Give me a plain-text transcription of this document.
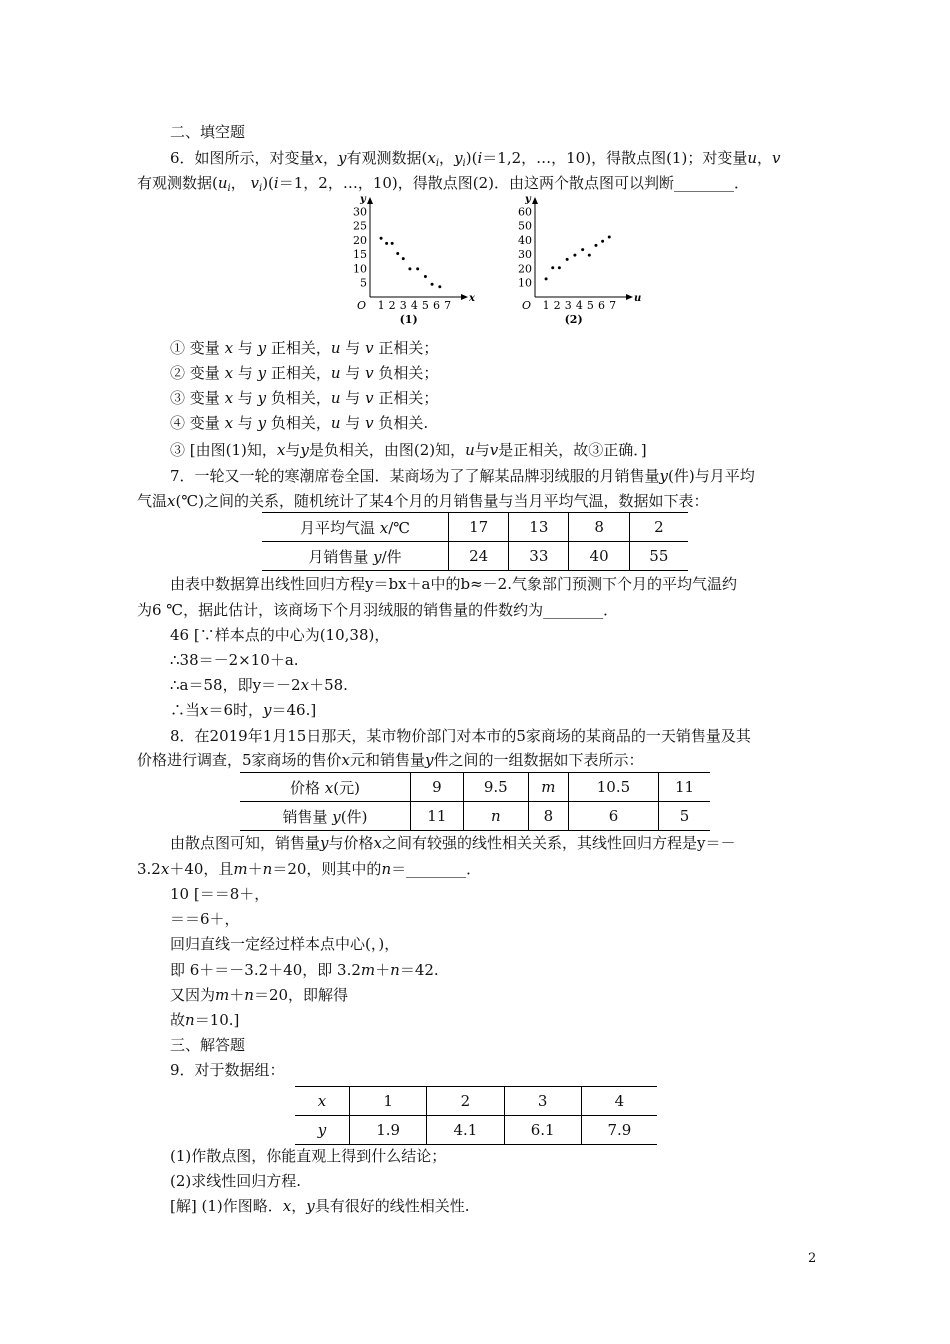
二、填空题
6．如图所示，对变量x，y有观测数据($x_i$，$y_i)(i=1,2$，…，10)，得散点图(1)；对变量u，v
有观测数据($u_i$， $v_i)(i=1$，2，…，10)，得散点图(2)．由这两个散点图可以判断________．
y
x
O
30
25
20
15
10
5
1 2 3 4 5 6 7
(1)
y
u
O
60
50
40
30
20
10
1 2 3 4 5 6 7
(2)
① 变量 x 与 y 正相关，u 与 v 正相关；
② 变量 x 与 y 正相关，u 与 v 负相关；
③ 变量 x 与 y 负相关，u 与 v 正相关；
④ 变量 x 与 y 负相关，u 与 v 负相关.
③ [由图(1)知，x与y是负相关，由图(2)知，u与v是正相关，故③正确．]
7．一轮又一轮的寒潮席卷全国．某商场为了了解某品牌羽绒服的月销售量y(件)与月平均
气温x(℃)之间的关系，随机统计了某4个月的月销售量与当月平均气温，数据如下表：
月平均气温 x/℃	17	13	8	2
月销售量 y/件	24	33	40	55
由表中数据算出线性回归方程y＝bx＋a中的b≈－2.气象部门预测下个月的平均气温约
为6 ℃，据此估计，该商场下个月羽绒服的销售量的件数约为________．
46 [∵样本点的中心为(10,38)，
∴38＝－2×10＋a.
∴a＝58，即y＝－2x＋58.
∴当x＝6时，y＝46.]
8．在2019年1月15日那天，某市物价部门对本市的5家商场的某商品的一天销售量及其
价格进行调查，5家商场的售价x元和销售量y件之间的一组数据如下表所示：
价格 x(元)	9	9.5	m	10.5	11
销售量 y(件)	11	n	8	6	5
由散点图可知，销售量y与价格x之间有较强的线性相关关系，其线性回归方程是y＝－
3.2x＋40，且m＋n＝20，则其中的n＝________．
10 [＝＝8＋，
＝＝6＋，
回归直线一定经过样本点中心(，)，
即 6＋＝－3.2＋40，即 3.2m＋n＝42.
又因为m＋n＝20，即解得
故n＝10.]
三、解答题
9．对于数据组：
x	1	2	3	4
y	1.9	4.1	6.1	7.9
(1)作散点图，你能直观上得到什么结论；
(2)求线性回归方程.
[解] (1)作图略．x，y具有很好的线性相关性.
2
